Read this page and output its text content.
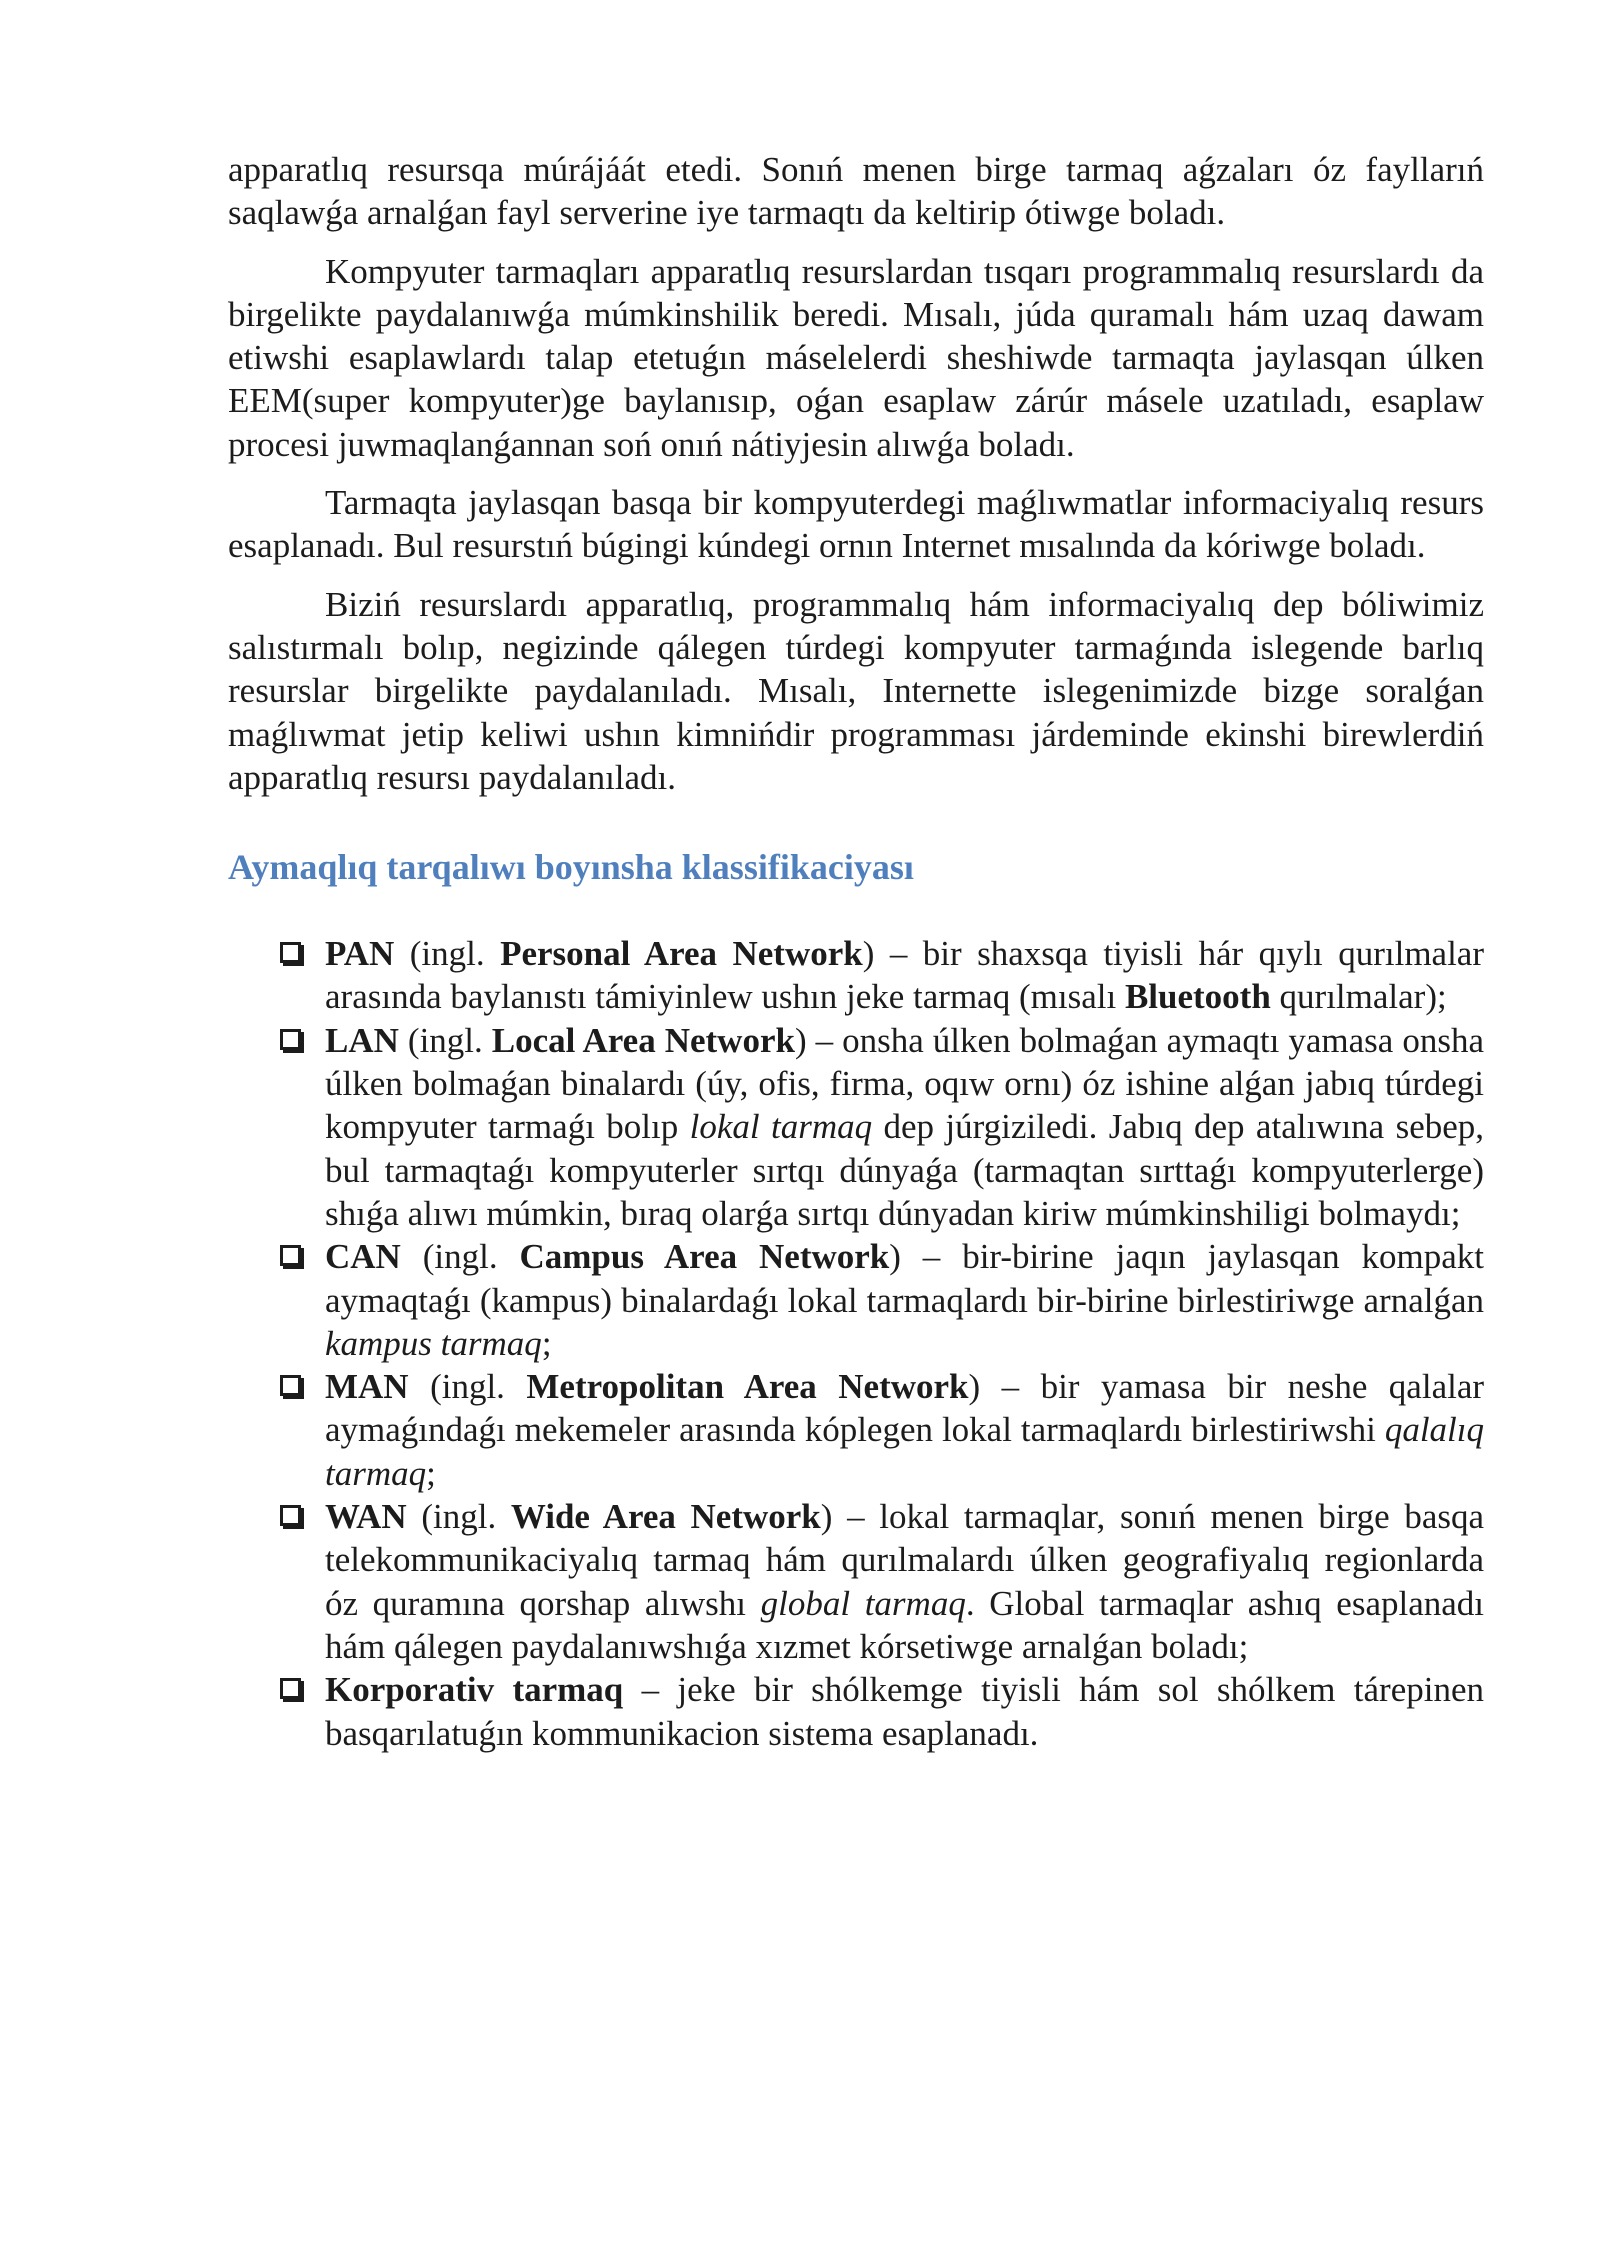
apparatlıq resursqa múrájáát etedi. Sonıń menen birge tarmaq aǵzaları óz fayllarıń saqlawǵa arnalǵan fayl serverine iye tarmaqtı da keltirip ótiwge boladı.

Kompyuter tarmaqları apparatlıq resurslardan tısqarı programmalıq resurslardı da birgelikte paydalanıwǵa múmkinshilik beredi. Mısalı, júda quramalı hám uzaq dawam etiwshi esaplawlardı talap etetuǵın máselelerdi sheshiwde tarmaqta jaylasqan úlken EEM(super kompyuter)ge baylanısıp, oǵan esaplaw zárúr másele uzatıladı, esaplaw procesi juwmaqlanǵannan soń onıń nátiyjesin alıwǵa boladı.

Tarmaqta jaylasqan basqa bir kompyuterdegi maǵlıwmatlar informaciyalıq resurs esaplanadı. Bul resurstıń búgingi kúndegi ornın Internet mısalında da kóriwge boladı.

Biziń resurslardı apparatlıq, programmalıq hám informaciyalıq dep bóliwimiz salıstırmalı bolıp, negizinde qálegen túrdegi kompyuter tarmaǵında islegende barlıq resurslar birgelikte paydalanıladı. Mısalı, Internette islegenimizde bizge soralǵan maǵlıwmat jetip keliwi ushın kimnińdir programması járdeminde ekinshi birewlerdiń apparatlıq resursı paydalanıladı.

Aymaqlıq tarqalıwı boyınsha klassifikaciyası
PAN (ingl. Personal Area Network) – bir shaxsqa tiyisli hár qıylı qurılmalar arasında baylanıstı támiyinlew ushın jeke tarmaq (mısalı Bluetooth qurılmalar);
LAN (ingl. Local Area Network) – onsha úlken bolmaǵan aymaqtı yamasa onsha úlken bolmaǵan binalardı (úy, ofis, firma, oqıw ornı) óz ishine alǵan jabıq túrdegi kompyuter tarmaǵı bolıp lokal tarmaq dep júrgiziledi. Jabıq dep atalıwına sebep, bul tarmaqtaǵı kompyuterler sırtqı dúnyaǵa (tarmaqtan sırttaǵı kompyuterlerge) shıǵa alıwı múmkin, bıraq olarǵa sırtqı dúnyadan kiriw múmkinshiligi bolmaydı;
CAN (ingl. Campus Area Network) – bir-birine jaqın jaylasqan kompakt aymaqtaǵı (kampus) binalardaǵı lokal tarmaqlardı bir-birine birlestiriwge arnalǵan kampus tarmaq;
MAN (ingl. Metropolitan Area Network) – bir yamasa bir neshe qalalar aymaǵındaǵı mekemeler arasında kóplegen lokal tarmaqlardı birlestiriwshi qalalıq tarmaq;
WAN (ingl. Wide Area Network) – lokal tarmaqlar, sonıń menen birge basqa telekommunikaciyalıq tarmaq hám qurılmalardı úlken geografiyalıq regionlarda óz quramına qorshap alıwshı global tarmaq. Global tarmaqlar ashıq esaplanadı hám qálegen paydalanıwshıǵa xızmet kórsetiwge arnalǵan boladı;
Korporativ tarmaq – jeke bir shólkemge tiyisli hám sol shólkem tárepinen basqarılatuǵın kommunikacion sistema esaplanadı.
